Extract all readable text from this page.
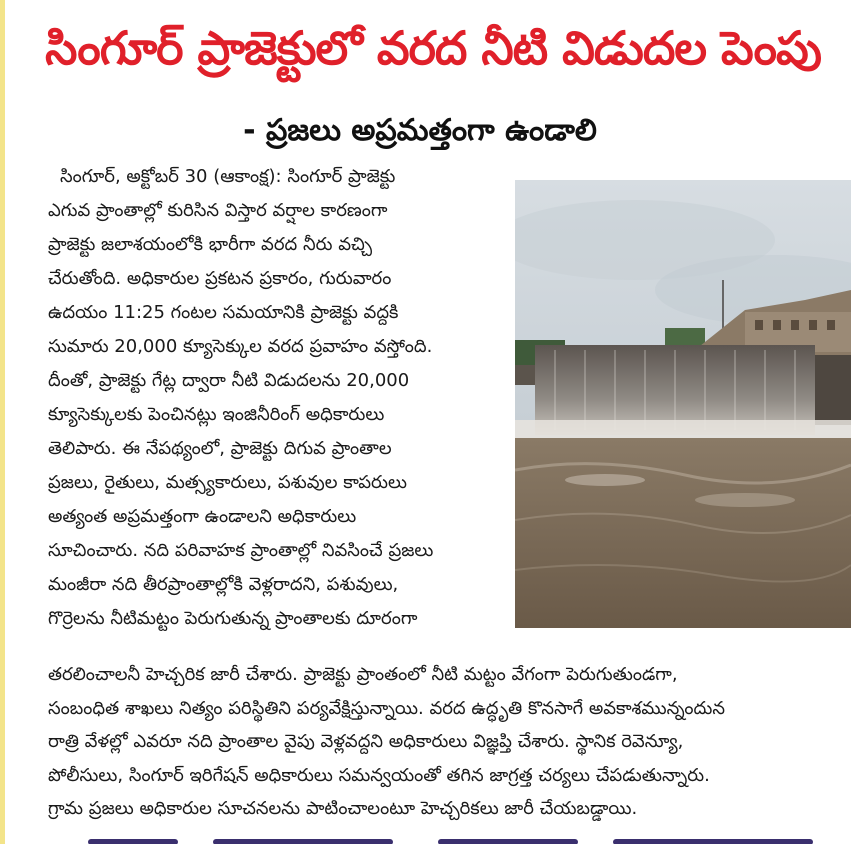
సింగూర్ ప్రాజెక్టులో వరద నీటి విడుదల పెంపు
- ప్రజలు అప్రమత్తంగా ఉండాలి
సింగూర్, అక్టోబర్ 30 (ఆకాంక్ష): సింగూర్ ప్రాజెక్టు
ఎగువ ప్రాంతాల్లో కురిసిన విస్తార వర్షాల కారణంగా
ప్రాజెక్టు జలాశయంలోకి భారీగా వరద నీరు వచ్చి
చేరుతోంది. అధికారుల ప్రకటన ప్రకారం, గురువారం
ఉదయం 11:25 గంటల సమయానికి ప్రాజెక్టు వద్దకి
సుమారు 20,000 క్యూసెక్కుల వరద ప్రవాహం వస్తోంది.
దీంతో, ప్రాజెక్టు గేట్ల ద్వారా నీటి విడుదలను 20,000
క్యూసెక్కులకు పెంచినట్లు ఇంజినీరింగ్ అధికారులు
తెలిపారు. ఈ నేపథ్యంలో, ప్రాజెక్టు దిగువ ప్రాంతాల
ప్రజలు, రైతులు, మత్స్యకారులు, పశువుల కాపరులు
అత్యంత అప్రమత్తంగా ఉండాలని అధికారులు
సూచించారు. నది పరివాహక ప్రాంతాల్లో నివసించే ప్రజలు
మంజీరా నది తీరప్రాంతాల్లోకి వెళ్లరాదని, పశువులు,
గొర్రెలను నీటిమట్టం పెరుగుతున్న ప్రాంతాలకు దూరంగా
తరలించాలనీ హెచ్చరిక జారీ చేశారు. ప్రాజెక్టు ప్రాంతంలో నీటి మట్టం వేగంగా పెరుగుతుండగా,
సంబంధిత శాఖలు నిత్యం పరిస్థితిని పర్యవేక్షిస్తున్నాయి. వరద ఉద్ధృతి కొనసాగే అవకాశమున్నందున
రాత్రి వేళల్లో ఎవరూ నది ప్రాంతాల వైపు వెళ్లవద్దని అధికారులు విజ్ఞప్తి చేశారు. స్థానిక రెవెన్యూ,
పోలీసులు, సింగూర్ ఇరిగేషన్ అధికారులు సమన్వయంతో తగిన జాగ్రత్త చర్యలు చేపడుతున్నారు.
గ్రామ ప్రజలు అధికారుల సూచనలను పాటించాలంటూ హెచ్చరికలు జారీ చేయబడ్డాయి.
